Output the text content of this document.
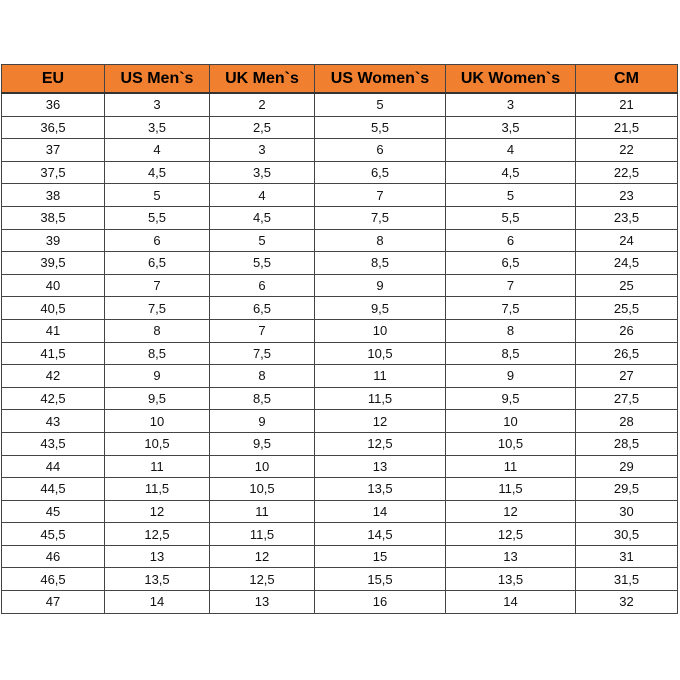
EU	US Men`s	UK Men`s	US Women`s	UK Women`s	CM
36	3	2	5	3	21
36,5	3,5	2,5	5,5	3,5	21,5
37	4	3	6	4	22
37,5	4,5	3,5	6,5	4,5	22,5
38	5	4	7	5	23
38,5	5,5	4,5	7,5	5,5	23,5
39	6	5	8	6	24
39,5	6,5	5,5	8,5	6,5	24,5
40	7	6	9	7	25
40,5	7,5	6,5	9,5	7,5	25,5
41	8	7	10	8	26
41,5	8,5	7,5	10,5	8,5	26,5
42	9	8	11	9	27
42,5	9,5	8,5	11,5	9,5	27,5
43	10	9	12	10	28
43,5	10,5	9,5	12,5	10,5	28,5
44	11	10	13	11	29
44,5	11,5	10,5	13,5	11,5	29,5
45	12	11	14	12	30
45,5	12,5	11,5	14,5	12,5	30,5
46	13	12	15	13	31
46,5	13,5	12,5	15,5	13,5	31,5
47	14	13	16	14	32
